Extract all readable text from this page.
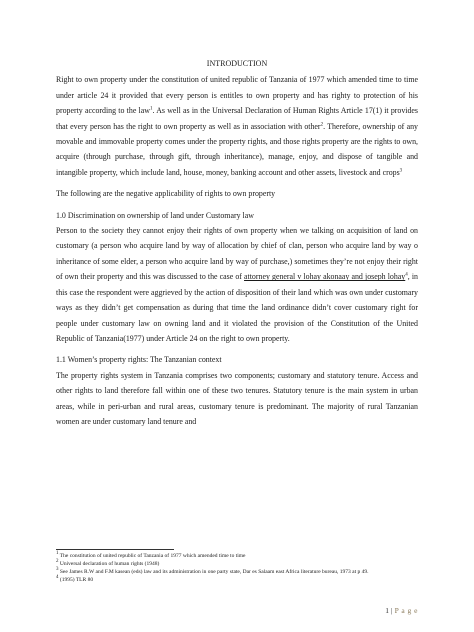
INTRODUCTION

Right to own property under the constitution of united republic of Tanzania of 1977 which amended time to time under article 24 it provided that every person is entitles to own property and has righty to protection of his property according to the law$^1$. As well as in the Universal Declaration of Human Rights Article 17(1) it provides that every person has the right to own property as well as in association with other$^2$. Therefore, ownership of any movable and immovable property comes under the property rights, and those rights property are the rights to own, acquire (through purchase, through gift, through inheritance), manage, enjoy, and dispose of tangible and intangible property, which include land, house, money, banking account and other assets, livestock and crops$^3$

The following are the negative applicability of rights to own property

1.0 Discrimination on ownership of land under Customary law

Person to the society they cannot enjoy their rights of own property when we talking on acquisition of land on customary (a person who acquire land by way of allocation by chief of clan, person who acquire land by way o inheritance of some elder, a person who acquire land by way of purchase,) sometimes they’re not enjoy their right of own their property and this was discussed to the case of attorney general v lohay akonaay and joseph lohay$^4$, in this case the respondent were aggrieved by the action of disposition of their land which was own under customary ways as they didn’t get compensation as during that time the land ordinance didn’t cover customary right for people under customary law on owning land and it violated the provision of the Constitution of the United Republic of Tanzania(1977) under Article 24 on the right to own property.

1.1 Women’s property rights: The Tanzanian context

The property rights system in Tanzania comprises two components; customary and statutory tenure. Access and other rights to land therefore fall within one of these two tenures. Statutory tenure is the main system in urban areas, while in peri-urban and rural areas, customary tenure is predominant. The majority of rural Tanzanian women are under customary land tenure and

$^1$ The constitution of united republic of Tanzania of 1977 which amended time to time

$^2$ Universal declaration of human rights (1948)

$^3$ See James R.W and F.M kasean (eds) law and its administration in one party state, Dar es Salaam east Africa literature bureau, 1973 at p 49.

$^4$ (1995) TLR 80

1 | P a g e
